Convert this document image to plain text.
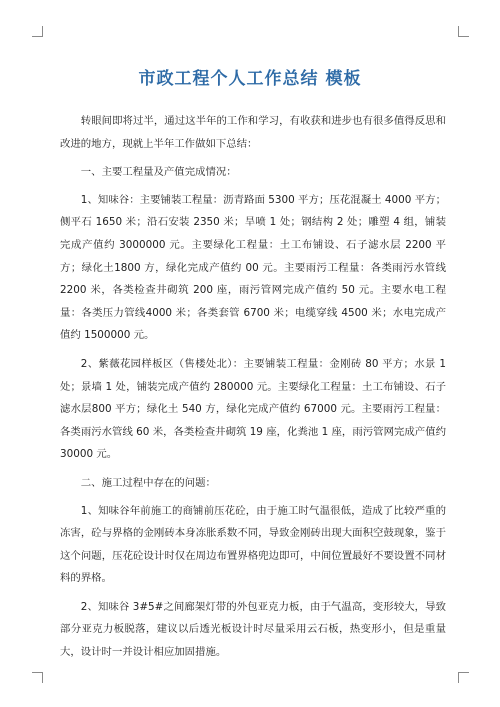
市政工程个人工作总结 模板

转眼间即将过半，通过这半年的工作和学习，有收获和进步也有很多值得反思和改进的地方，现就上半年工作做如下总结：

一、主要工程量及产值完成情况：

1、知味谷：主要铺装工程量：沥青路面 5300 平方；压花混凝土 4000 平方；侧平石 1650 米；沿石安装 2350 米；旱喷 1 处；钢结构 2 处；雕塑 4 组，铺装完成产值约 3000000 元。主要绿化工程量：土工布铺设、石子滤水层 2200 平方；绿化土1800 方，绿化完成产值约 00 元。主要雨污工程量：各类雨污水管线 2200 米，各类检查井砌筑 200 座，雨污管网完成产值约 50 元。主要水电工程量：各类压力管线4000 米；各类套管 6700 米；电缆穿线 4500 米；水电完成产值约 1500000 元。

2、紫薇花园样板区（售楼处北）：主要铺装工程量：金刚砖 80 平方；水景 1 处；景墙 1 处，铺装完成产值约 280000 元。主要绿化工程量：土工布铺设、石子滤水层800 平方；绿化土 540 方，绿化完成产值约 67000 元。主要雨污工程量：各类雨污水管线 60 米，各类检查井砌筑 19 座，化粪池 1 座，雨污管网完成产值约 30000 元。

二、施工过程中存在的问题：

1、知味谷年前施工的商铺前压花砼，由于施工时气温很低，造成了比较严重的冻害，砼与界格的金刚砖本身冻胀系数不同，导致金刚砖出现大面积空鼓现象，鉴于这个问题，压花砼设计时仅在周边布置界格兜边即可，中间位置最好不要设置不同材料的界格。

2、知味谷 3#5#之间廊架灯带的外包亚克力板，由于气温高，变形较大，导致部分亚克力板脱落，建议以后透光板设计时尽量采用云石板，热变形小，但是重量大，设计时一并设计相应加固措施。
